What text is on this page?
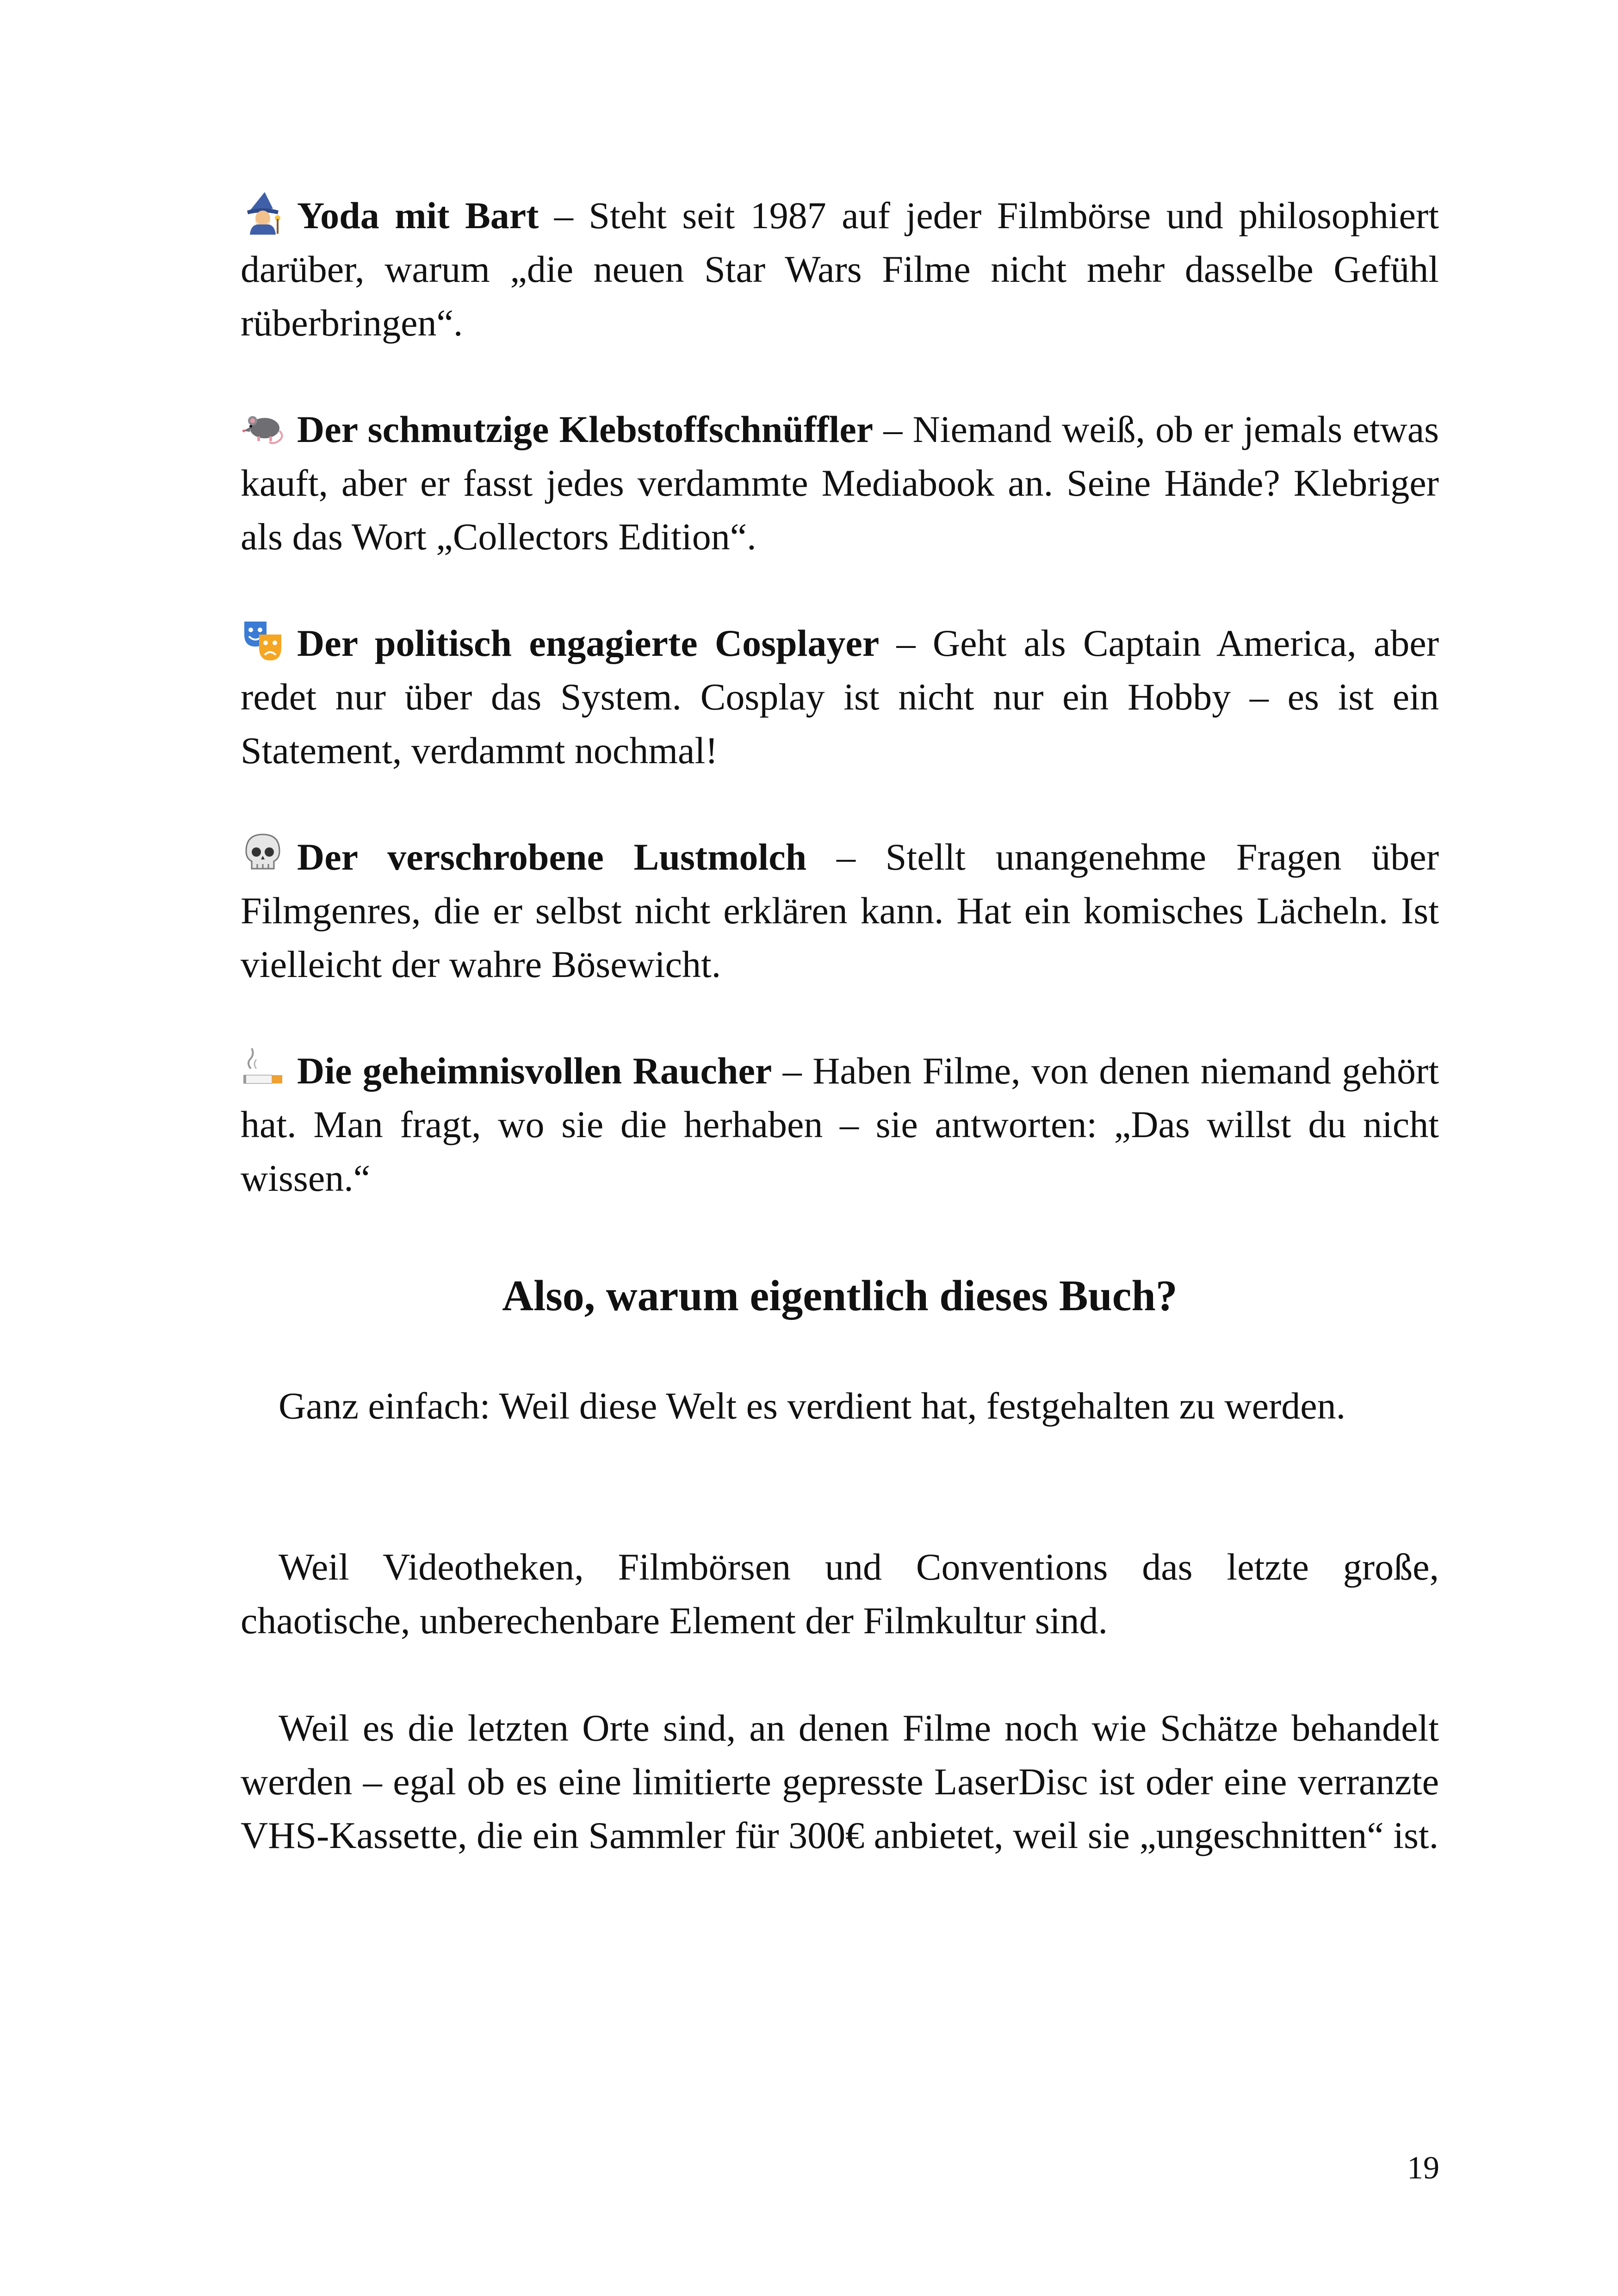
Yoda mit Bart – Steht seit 1987 auf jeder Filmbörse und philosophiert darüber, warum „die neuen Star Wars Filme nicht mehr dasselbe Gefühl rüberbringen“.
Der schmutzige Klebstoffschnüffler – Niemand weiß, ob er jemals etwas kauft, aber er fasst jedes verdammte Mediabook an. Seine Hände? Klebriger als das Wort „Collectors Edition“.
Der politisch engagierte Cosplayer – Geht als Captain America, aber redet nur über das System. Cosplay ist nicht nur ein Hobby – es ist ein Statement, verdammt nochmal!
Der verschrobene Lustmolch – Stellt unangenehme Fragen über Filmgenres, die er selbst nicht erklären kann. Hat ein komisches Lächeln. Ist vielleicht der wahre Bösewicht.
Die geheimnisvollen Raucher – Haben Filme, von denen niemand gehört hat. Man fragt, wo sie die herhaben – sie antworten: „Das willst du nicht wissen.“
Also, warum eigentlich dieses Buch?
Ganz einfach: Weil diese Welt es verdient hat, festgehalten zu werden.
Weil Videotheken, Filmbörsen und Conventions das letzte große, chaotische, unberechenbare Element der Filmkultur sind.
Weil es die letzten Orte sind, an denen Filme noch wie Schätze behandelt werden – egal ob es eine limitierte gepresste LaserDisc ist oder eine verranzte VHS-Kassette, die ein Sammler für 300€ anbietet, weil sie „ungeschnitten“ ist.
19
